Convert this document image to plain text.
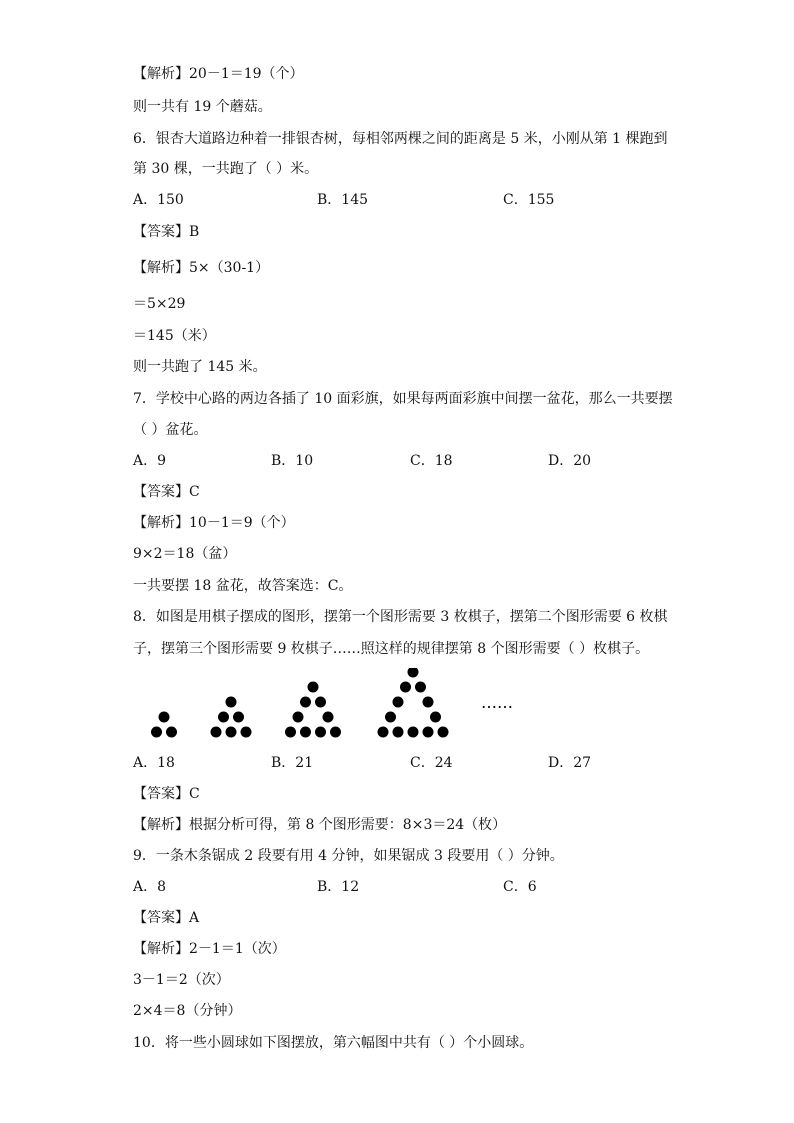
【解析】20－1＝19（个）
则一共有 19 个蘑菇。
6．银杏大道路边种着一排银杏树，每相邻两棵之间的距离是 5 米，小刚从第 1 棵跑到
第 30 棵，一共跑了（ ）米。
A．150	B．145	C．155
【答案】B
【解析】5×（30-1）
＝5×29
＝145（米）
则一共跑了 145 米。
7．学校中心路的两边各插了 10 面彩旗，如果每两面彩旗中间摆一盆花，那么一共要摆
（ ）盆花。
A．9	B．10	C．18	D．20
【答案】C
【解析】10－1＝9（个）
9×2＝18（盆）
一共要摆 18 盆花，故答案选：C。
8．如图是用棋子摆成的图形，摆第一个图形需要 3 枚棋子，摆第二个图形需要 6 枚棋
子，摆第三个图形需要 9 枚棋子……照这样的规律摆第 8 个图形需要（ ）枚棋子。
……
A．18	B．21	C．24	D．27
【答案】C
【解析】根据分析可得，第 8 个图形需要：8×3＝24（枚）
9．一条木条锯成 2 段要有用 4 分钟，如果锯成 3 段要用（ ）分钟。
A．8	B．12	C．6
【答案】A
【解析】2－1＝1（次）
3－1＝2（次）
2×4＝8（分钟）
10．将一些小圆球如下图摆放，第六幅图中共有（ ）个小圆球。
